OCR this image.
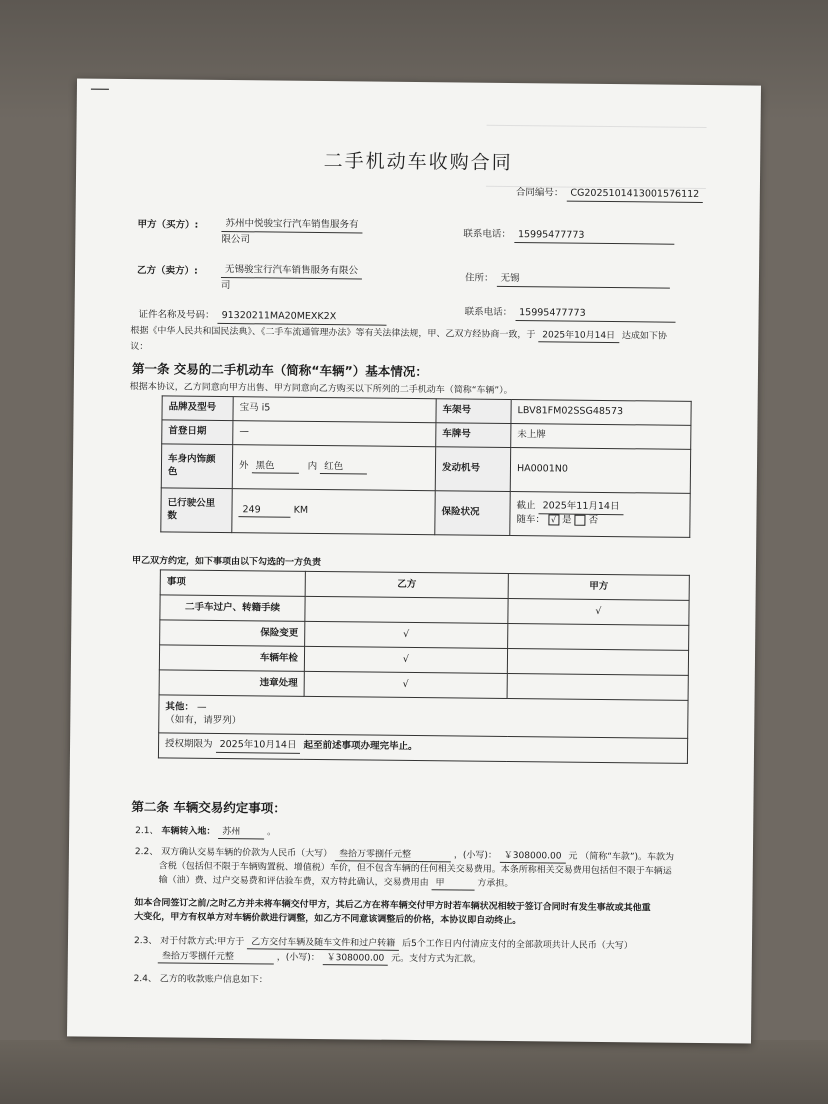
二手机动车收购合同
合同编号： CG2025101413001576112
甲方（买方）:	苏州中悦骏宝行汽车销售服务有
限公司	联系电话： 15995477773
乙方（卖方）:	无锡骏宝行汽车销售服务有限公
司
住所： 无锡
证件名称及号码： 91320211MA20MEXK2X	联系电话： 15995477773
根据《中华人民共和国民法典》、《二手车流通管理办法》等有关法律法规，甲、乙双方经协商一致，于 2025年10月14日 达成如下协
议：
第一条 交易的二手机动车（简称“车辆”）基本情况：
根据本协议，乙方同意向甲方出售、甲方同意向乙方购买以下所列的二手机动车（简称“车辆”）。
品牌及型号	宝马 i5	车架号	LBV81FM02SSG48573
首登日期	—	车牌号	未上牌
车身内饰颜
色	外 黑色 内 红色	发动机号	HA0001N0
已行驶公里
数	249 KM	保险状况	截止 2025年11月14日
随车： √ 是 否
甲乙双方约定，如下事项由以下勾选的一方负责
事项	乙方	甲方
二手车过户、转籍手续		√
保险变更	√	
车辆年检	√	
违章处理	√	
其他： —
（如有，请罗列）		
授权期限为 2025年10月14日 起至前述事项办理完毕止。		
第二条 车辆交易约定事项：
2.1、 车辆转入地： 苏州	。
2.2、 双方确认交易车辆的价款为人民币（大写） 叁拾万零捌仟元整	，(小写)： ￥308000.00 元 （简称“车款”)。车款为
含税（包括但不限于车辆购置税、增值税）车价，但不包含车辆的任何相关交易费用。本条所称相关交易费用包括但不限于车辆运
输（油）费、过户交易费和评估验车费，双方特此确认，交易费用由 甲	方承担。
如本合同签订之前/之时乙方并未将车辆交付甲方，其后乙方在将车辆交付甲方时若车辆状况相较于签订合同时有发生事故或其他重
大变化，甲方有权单方对车辆价款进行调整，如乙方不同意该调整后的价格，本协议即自动终止。
2.3、 对于付款方式:甲方于 乙方交付车辆及随车文件和过户转籍 后5个工作日内付清应支付的全部款项共计人民币（大写）
叁拾万零捌仟元整	，(小写)： ￥308000.00 元。支付方式为汇款。
2.4、 乙方的收款账户信息如下：
